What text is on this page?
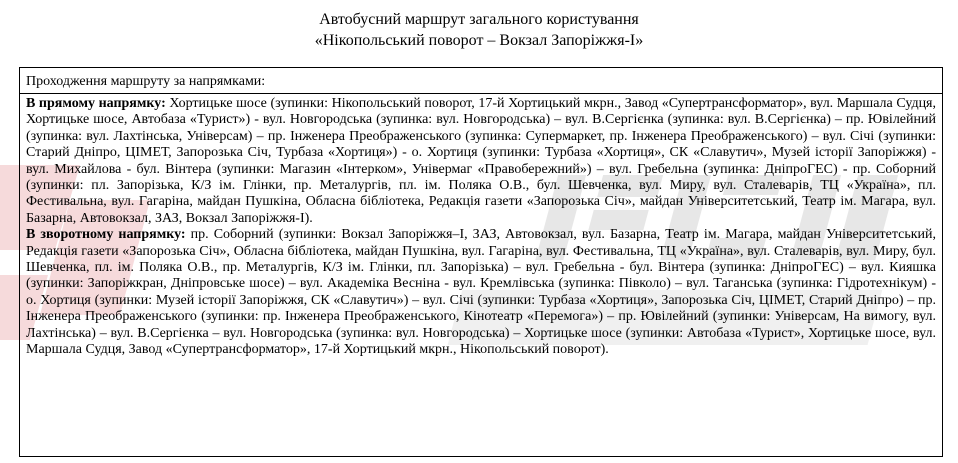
Автобусний маршрут загального користування
«Нікопольський поворот – Вокзал Запоріжжя-І»
Проходження маршруту за напрямками:

В прямому напрямку: Хортицьке шосе (зупинки: Нікопольський поворот, 17-й Хортицький мкрн., Завод «Супертрансформатор», вул. Маршала Судця, Хортицьке шосе, Автобаза «Турист») - вул. Новгородська (зупинка: вул. Новгородська) – вул. В.Сергієнка (зупинка: вул. В.Сергієнка) – пр. Ювілейний (зупинка: вул. Лахтінська, Універсам) – пр. Інженера Преображенського (зупинка: Супермаркет, пр. Інженера Преображенського) – вул. Січі (зупинки: Старий Дніпро, ЦІМЕТ, Запорозька Січ, Турбаза «Хортиця») - о. Хортиця (зупинки: Турбаза «Хортиця», СК «Славутич», Музей історії Запоріжжя) - вул. Михайлова - бул. Вінтера (зупинки: Магазин «Інтерком», Універмаг «Правобережний») – вул. Гребельна (зупинка: ДніпроГЕС) - пр. Соборний (зупинки: пл. Запорізька, К/З ім. Глінки, пр. Металургів, пл. ім. Поляка О.В., бул. Шевченка, вул. Миру, вул. Сталеварів, ТЦ «Україна», пл. Фестивальна, вул. Гагаріна, майдан Пушкіна, Обласна бібліотека, Редакція газети «Запорозька Січ», майдан Університетський, Театр ім. Магара, вул. Базарна, Автовокзал, ЗАЗ, Вокзал Запоріжжя-І).

В зворотному напрямку: пр. Соборний (зупинки: Вокзал Запоріжжя–І, ЗАЗ, Автовокзал, вул. Базарна, Театр ім. Магара, майдан Університетський, Редакція газети «Запорозька Січ», Обласна бібліотека, майдан Пушкіна, вул. Гагаріна, вул. Фестивальна, ТЦ «Україна», вул. Сталеварів, вул. Миру, бул. Шевченка, пл. ім. Поляка О.В., пр. Металургів, К/З ім. Глінки, пл. Запорізька) – вул. Гребельна - бул. Вінтера (зупинка: ДніпроГЕС) – вул. Кияшка (зупинки: Запоріжкран, Дніпровське шосе) – вул. Академіка Весніна - вул. Кремлівська (зупинка: Півколо) – вул. Таганська (зупинка: Гідротехнікум) - о. Хортиця (зупинки: Музей історії Запоріжжя, СК «Славутич») – вул. Січі (зупинки: Турбаза «Хортиця», Запорозька Січ, ЦІМЕТ, Старий Дніпро) – пр. Інженера Преображенського (зупинки: пр. Інженера Преображенського, Кінотеатр «Перемога») – пр. Ювілейний (зупинки: Універсам, На вимогу, вул. Лахтінська) – вул. В.Сергієнка – вул. Новгородська (зупинка: вул. Новгородська) – Хортицьке шосе (зупинки: Автобаза «Турист», Хортицьке шосе, вул. Маршала Судця, Завод «Супертрансформатор», 17-й Хортицький мкрн., Нікопольський поворот).
